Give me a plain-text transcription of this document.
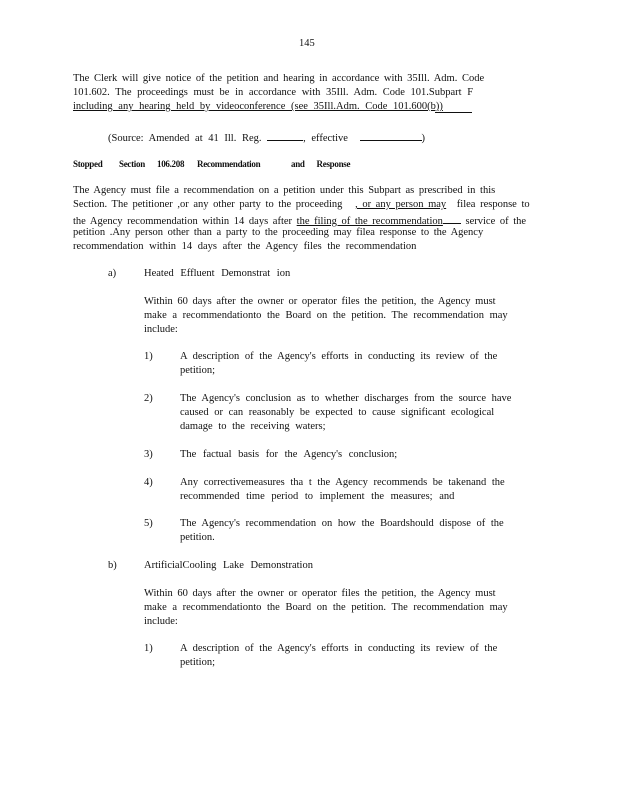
145
The Clerk will give notice of the petition and hearing in accordance with 35Ill. Adm. Code
101.602. The proceedings must be in accordance with 35Ill. Adm. Code 101.Subpart F
including any hearing held by videoconference (see 35Ill.Adm. Code 101.600(b))
(Source: Amended at 41 Ill. Reg.	, effective	)
Stopped Section 106.208 Recommendation	and Response
The Agency must file a recommendation on a petition under this Subpart as prescribed in this
Section. The petitioner ,or any other party to the proceeding , or any person may filea response to
the Agency recommendation within 14 days after the filing of the recommendation service of the
petition .Any person other than a party to the proceeding may filea response to the Agency
recommendation within 14 days after the Agency files the recommendation
a)	Heated Effluent Demonstrat ion
Within 60 days after the owner or operator files the petition, the Agency must
make a recommendationto the Board on the petition. The recommendation may
include:
1)	A description of the Agency's efforts in conducting its review of the
petition;
2)	The Agency's conclusion as to whether discharges from the source have
caused or can reasonably be expected to cause significant ecological
damage to the receiving waters;
3)	The factual basis for the Agency's conclusion;
4)	Any correctivemeasures tha t the Agency recommends be takenand the
recommended time period to implement the measures; and
5)	The Agency's recommendation on how the Boardshould dispose of the
petition.
b)	ArtificialCooling Lake Demonstration
Within 60 days after the owner or operator files the petition, the Agency must
make a recommendationto the Board on the petition. The recommendation may
include:
1)	A description of the Agency's efforts in conducting its review of the
petition;
